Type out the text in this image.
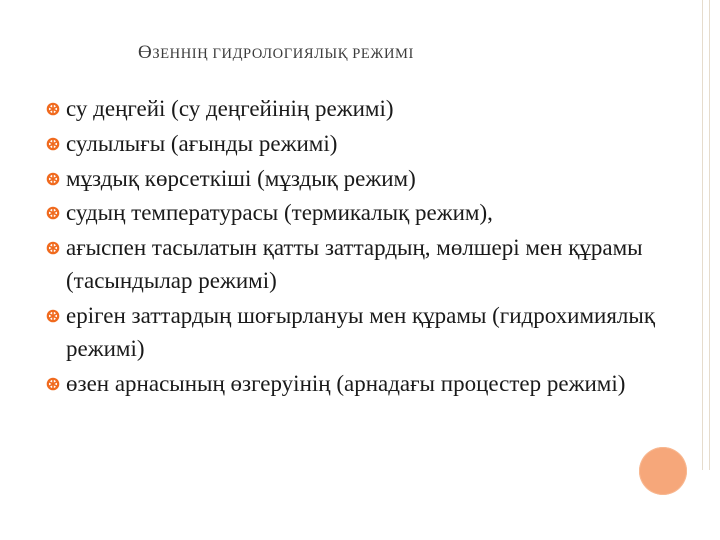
ӨЗЕННІҢ ГИДРОЛОГИЯЛЫҚ РЕЖИМІ
су деңгейі (су деңгейінің режимі)
сулылығы (ағынды режимі)
мұздық көрсеткіші (мұздық режим)
судың температурасы (термикалық режим),
ағыспен тасылатын қатты заттардың, мөлшері мен құрамы (тасындылар режимі)
еріген заттардың шоғырлануы мен құрамы (гидрохимиялық режимі)
өзен арнасының өзгеруінің (арнадағы процестер режимі)
